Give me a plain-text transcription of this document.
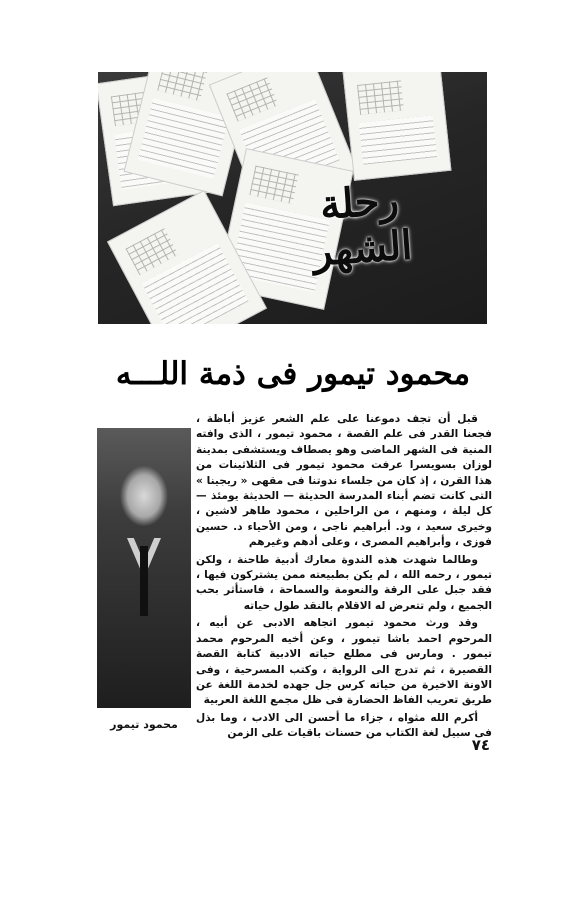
رحلة
الشهر
محمود تيمور فى ذمة اللـــه
محمود تيمور

قبل أن تجف دموعنا على علم الشعر عزيز أباظة ، فجعنا القدر فى علم القصة ، محمود تيمور ، الذى وافته المنية فى الشهر الماضى وهو يصطاف ويستشفى بمدينة لوزان بسويسرا عرفت محمود تيمور فى الثلاثينات من هذا القرن ، إذ كان من جلساء ندوتنا فى مقهى « ريجينا » التى كانت تضم أبناء المدرسة الحديثة — الحديثة يومئذ — كل ليلة ، ومنهم ، من الراحلين ، محمود طاهر لاشين ، وخيرى سعيد ، ود. أبراهيم ناجى ، ومن الأحياء د. حسين فوزى ، وأبراهيم المصرى ، وعلى أدهم وغيرهم

وطالما شهدت هذه الندوة معارك أدبية طاحنة ، ولكن تيمور ، رحمه الله ، لم يكن بطبيعته ممن يشتركون فيها ، فقد جبل على الرقة والنعومة والسماحة ، فاستأثر بحب الجميع ، ولم تتعرض له الاقلام بالنقد طول حياته

وقد ورث محمود تيمور اتجاهه الادبى عن أبيه ، المرحوم احمد باشا تيمور ، وعن أخيه المرحوم محمد تيمور . ومارس فى مطلع حياته الادبية كتابة القصة القصيرة ، ثم تدرج الى الرواية ، وكتب المسرحية ، وفى الاونة الاخيرة من حياته كرس جل جهده لخدمة اللغة عن طريق تعريب الفاظ الحضارة فى ظل مجمع اللغة العربية

أكرم الله مثواه ، جزاء ما أحسن الى الادب ، وما بذل فى سبيل لغة الكتاب من حسنات باقيات على الزمن

٧٤
